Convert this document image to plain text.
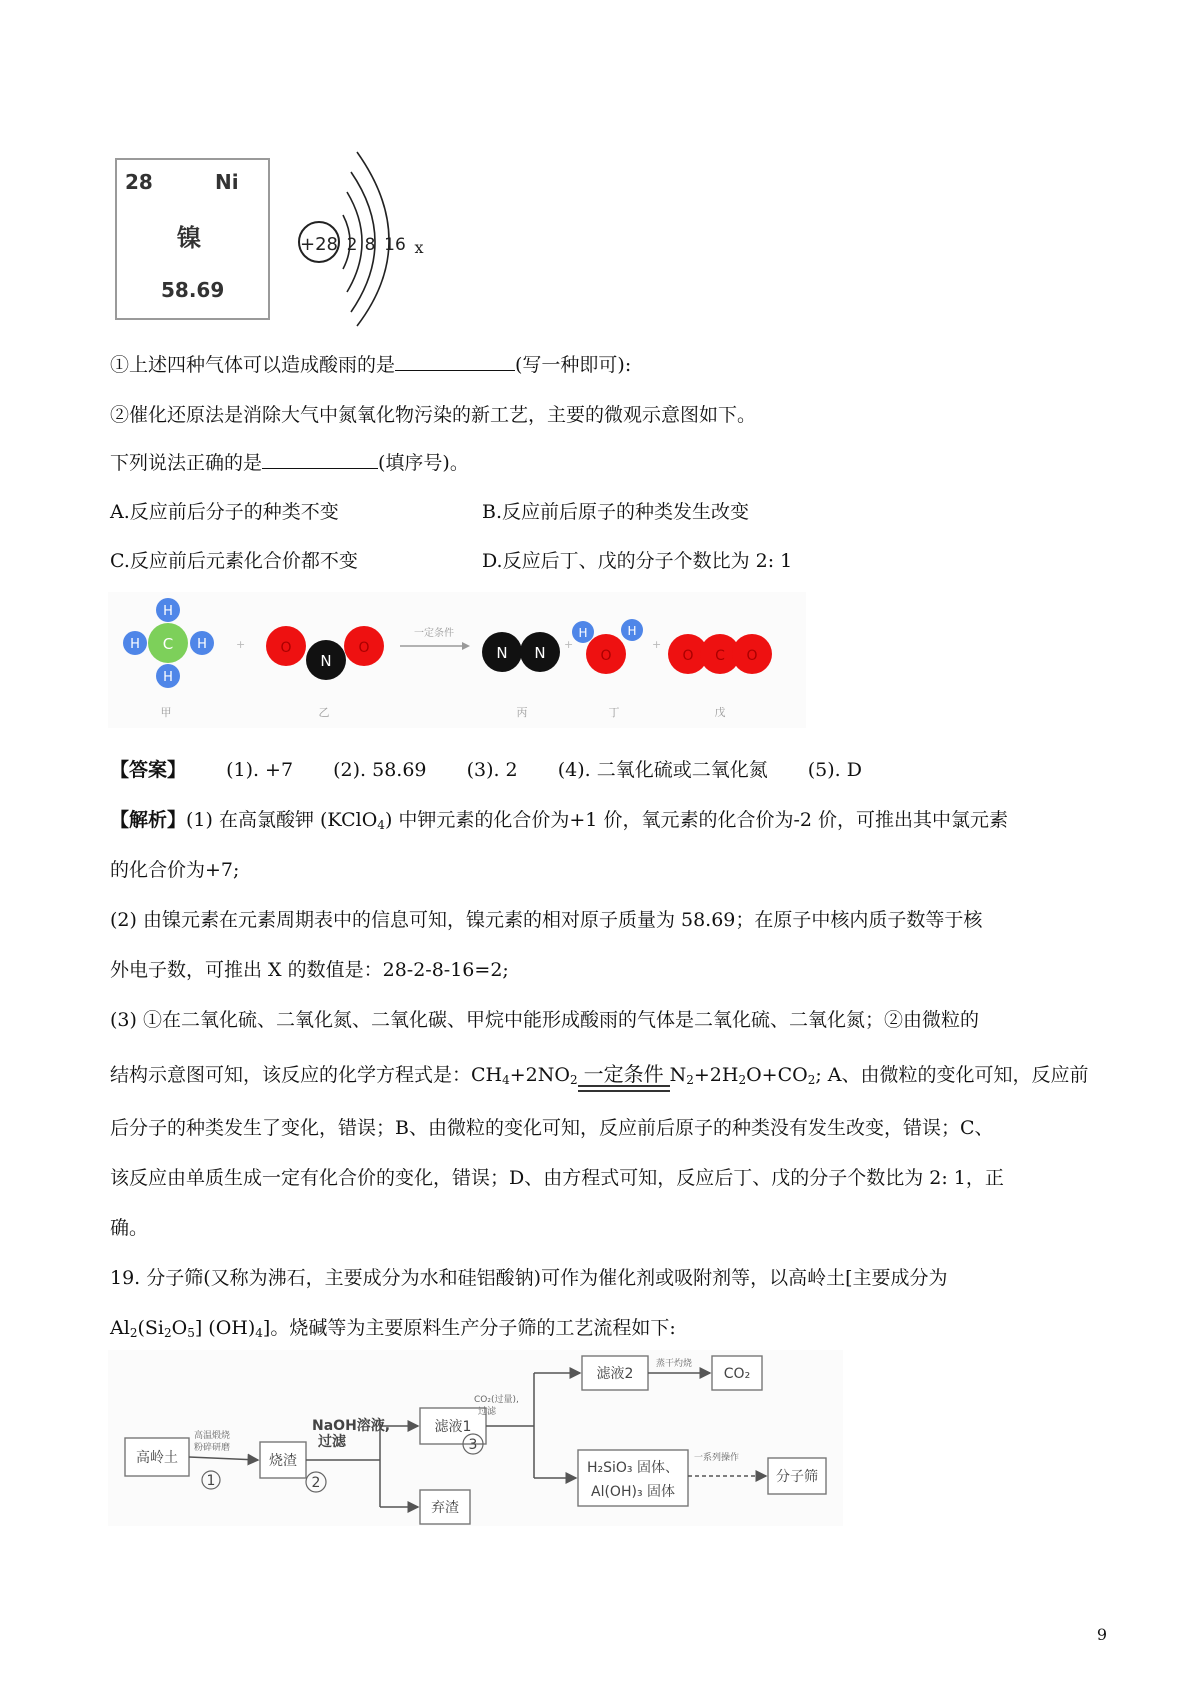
28	Ni
镍
58.69
+28 2 8 16 x
①上述四种气体可以造成酸雨的是	(写一种即可):
②催化还原法是消除大气中氮氧化物污染的新工艺，主要的微观示意图如下。
下列说法正确的是	(填序号)。
A.反应前后分子的种类不变	B.反应前后原子的种类发生改变
C.反应前后元素化合价都不变	D.反应后丁、戊的分子个数比为 2: 1
H
H	H
H
C	+	O	O
N
一定条件
N N +
O
H	H
+
O C O
甲	乙	丙	丁	戊
【答案】 (1). +7 (2). 58.69 (3). 2 (4). 二氧化硫或二氧化氮 (5). D
【解析】(1) 在高氯酸钾 (KClO$_4$) 中钾元素的化合价为+1 价，氧元素的化合价为-2 价，可推出其中氯元素
的化合价为+7;
(2) 由镍元素在元素周期表中的信息可知，镍元素的相对原子质量为 58.69；在原子中核内质子数等于核
外电子数，可推出 X 的数值是：28-2-8-16=2;
(3) ①在二氧化硫、二氧化氮、二氧化碳、甲烷中能形成酸雨的气体是二氧化硫、二氧化氮；②由微粒的
结构示意图可知，该反应的化学方程式是：$CH_4+2NO_2$ 一定条件 $N_2+2H_2O+CO_2$; A、由微粒的变化可知，反应前
后分子的种类发生了变化，错误；B、由微粒的变化可知，反应前后原子的种类没有发生改变，错误；C、
该反应由单质生成一定有化合价的变化，错误；D、由方程式可知，反应后丁、戊的分子个数比为 2: 1，正
确。
19. 分子筛(又称为沸石，主要成分为水和硅铝酸钠)可作为催化剂或吸附剂等，以高岭土[主要成分为
$Al_2(Si_2O_5]$ $(OH)_4$]。烧碱等为主要原料生产分子筛的工艺流程如下:
高岭土	烧渣
滤液1
弃渣
滤液2	CO₂
H₂SiO₃ 固体、
Al(OH)₃ 固体
分子筛
高温煅烧
粉碎研磨
NaOH溶液,
过滤
CO₂(过量),
过滤
蒸干灼烧
一系列操作
1	2
3
9
